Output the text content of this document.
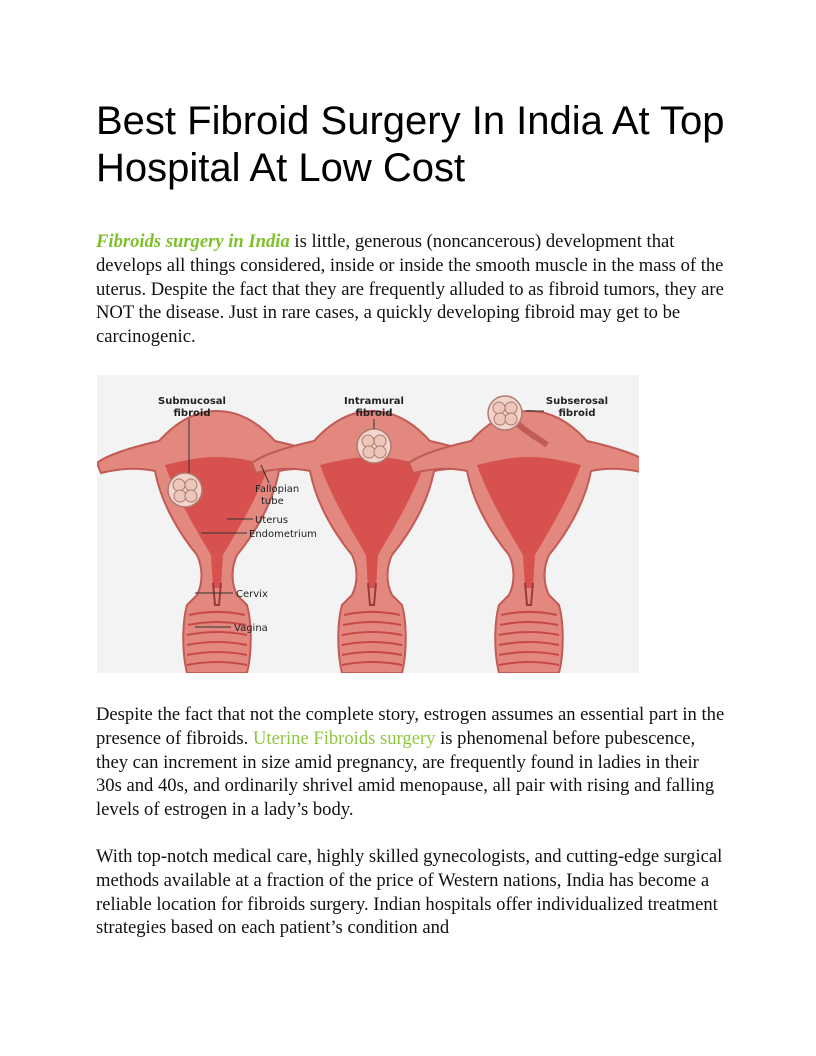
Best Fibroid Surgery In India At Top Hospital At Low Cost

Fibroids surgery in India is little, generous (noncancerous) development that develops all things considered, inside or inside the smooth muscle in the mass of the uterus. Despite the fact that they are frequently alluded to as fibroid tumors, they are NOT the disease. Just in rare cases, a quickly developing fibroid may get to be carcinogenic.

Submucosal
fibroid
Intramural
fibroid
Subserosal
fibroid
Fallopian
tube
Uterus
Endometrium
Cervix
Vagina

Despite the fact that not the complete story, estrogen assumes an essential part in the presence of fibroids. Uterine Fibroids surgery is phenomenal before pubescence, they can increment in size amid pregnancy, are frequently found in ladies in their 30s and 40s, and ordinarily shrivel amid menopause, all pair with rising and falling levels of estrogen in a lady’s body.

With top-notch medical care, highly skilled gynecologists, and cutting-edge surgical methods available at a fraction of the price of Western nations, India has become a reliable location for fibroids surgery. Indian hospitals offer individualized treatment strategies based on each patient’s condition and
